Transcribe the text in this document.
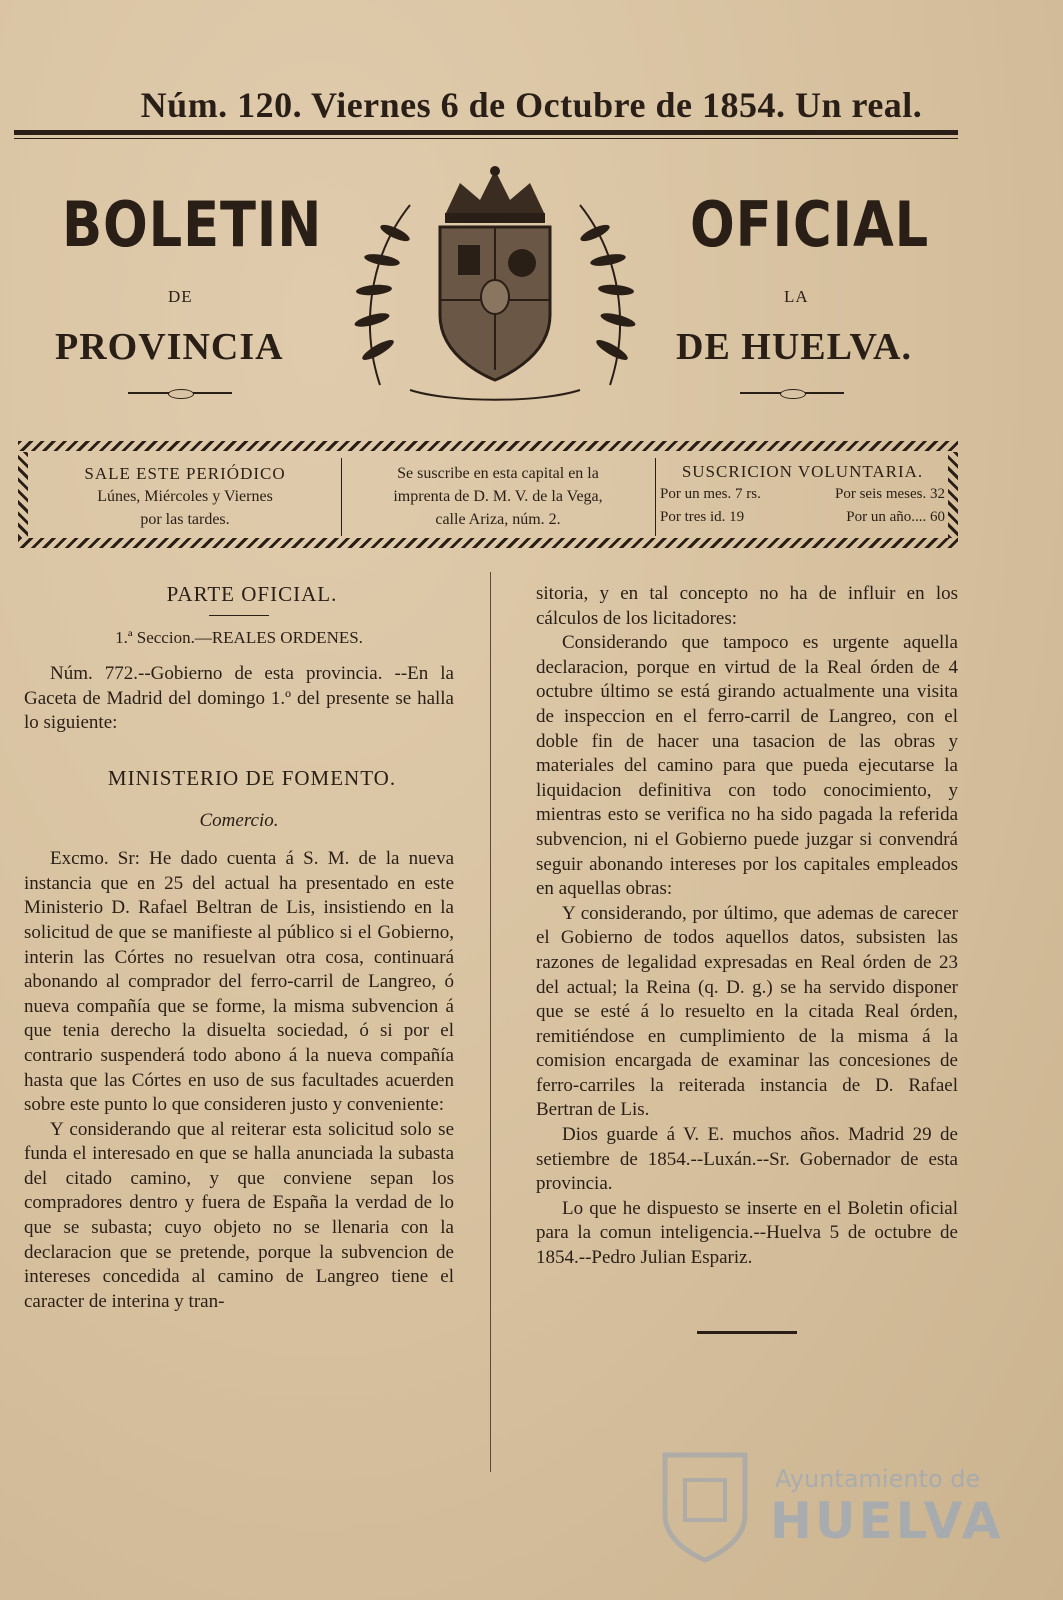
Núm. 120. Viernes 6 de Octubre de 1854. Un real.
BOLETIN	OFICIAL
DE	LA
PROVINCIA	DE HUELVA.
SALE ESTE PERIÓDICO
Lúnes, Miércoles y Viernes
por las tardes.
Se suscribe en esta capital en la
imprenta de D. M. V. de la Vega,
calle Ariza, núm. 2.
SUSCRICION VOLUNTARIA.
Por un mes. 7 rs.	Por seis meses. 32
Por tres id. 19	Por un año.... 60

PARTE OFICIAL.

1.ª Seccion.—REALES ORDENES.

Núm. 772.--Gobierno de esta provincia. --En la Gaceta de Madrid del domingo 1.º del presente se halla lo siguiente:

MINISTERIO DE FOMENTO.

Comercio.

Excmo. Sr: He dado cuenta á S. M. de la nueva instancia que en 25 del actual ha presentado en este Ministerio D. Rafael Beltran de Lis, insistiendo en la solicitud de que se manifieste al público si el Gobierno, interin las Córtes no resuelvan otra cosa, continuará abonando al comprador del ferro-carril de Langreo, ó nueva compañía que se forme, la misma subvencion á que tenia derecho la disuelta sociedad, ó si por el contrario suspenderá todo abono á la nueva compañía hasta que las Córtes en uso de sus facultades acuerden sobre este punto lo que consideren justo y conveniente:

Y considerando que al reiterar esta solicitud solo se funda el interesado en que se halla anunciada la subasta del citado camino, y que conviene sepan los compradores dentro y fuera de España la verdad de lo que se subasta; cuyo objeto no se llenaria con la declaracion que se pretende, porque la subvencion de intereses concedida al camino de Langreo tiene el caracter de interina y tran-

sitoria, y en tal concepto no ha de influir en los cálculos de los licitadores:

Considerando que tampoco es urgente aquella declaracion, porque en virtud de la Real órden de 4 octubre último se está girando actualmente una visita de inspeccion en el ferro-carril de Langreo, con el doble fin de hacer una tasacion de las obras y materiales del camino para que pueda ejecutarse la liquidacion definitiva con todo conocimiento, y mientras esto se verifica no ha sido pagada la referida subvencion, ni el Gobierno puede juzgar si convendrá seguir abonando intereses por los capitales empleados en aquellas obras:

Y considerando, por último, que ademas de carecer el Gobierno de todos aquellos datos, subsisten las razones de legalidad expresadas en Real órden de 23 del actual; la Reina (q. D. g.) se ha servido disponer que se esté á lo resuelto en la citada Real órden, remitiéndose en cumplimiento de la misma á la comision encargada de examinar las concesiones de ferro-carriles la reiterada instancia de D. Rafael Bertran de Lis.

Dios guarde á V. E. muchos años. Madrid 29 de setiembre de 1854.--Luxán.--Sr. Gobernador de esta provincia.

Lo que he dispuesto se inserte en el Boletin oficial para la comun inteligencia.--Huelva 5 de octubre de 1854.--Pedro Julian Espariz.

Ayuntamiento de
HUELVA
